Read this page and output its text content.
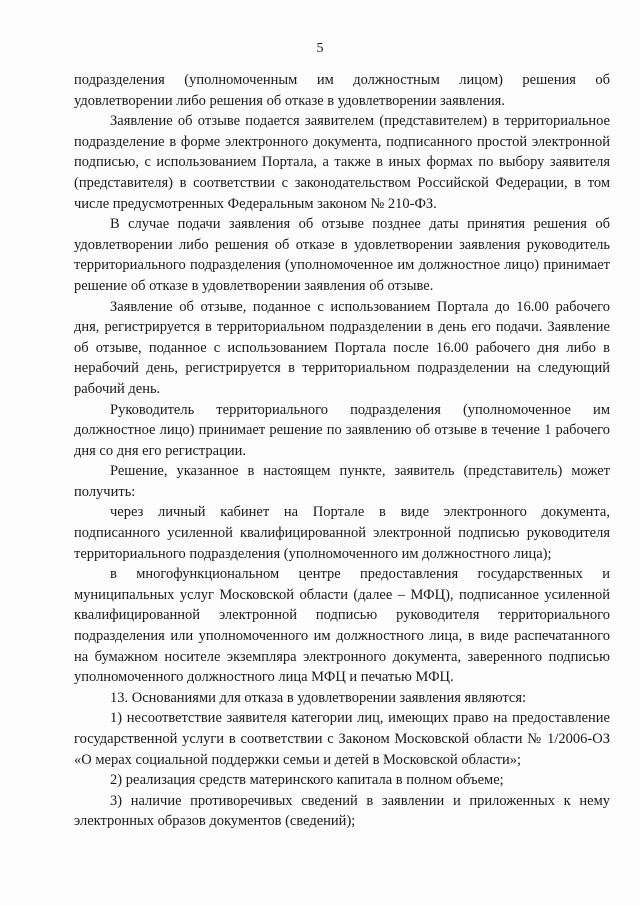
5

подразделения (уполномоченным им должностным лицом) решения об удовлетворении либо решения об отказе в удовлетворении заявления.

Заявление об отзыве подается заявителем (представителем) в территориальное подразделение в форме электронного документа, подписанного простой электронной подписью, с использованием Портала, а также в иных формах по выбору заявителя (представителя) в соответствии с законодательством Российской Федерации, в том числе предусмотренных Федеральным законом № 210-ФЗ.

В случае подачи заявления об отзыве позднее даты принятия решения об удовлетворении либо решения об отказе в удовлетворении заявления руководитель территориального подразделения (уполномоченное им должностное лицо) принимает решение об отказе в удовлетворении заявления об отзыве.

Заявление об отзыве, поданное с использованием Портала до 16.00 рабочего дня, регистрируется в территориальном подразделении в день его подачи. Заявление об отзыве, поданное с использованием Портала после 16.00 рабочего дня либо в нерабочий день, регистрируется в территориальном подразделении на следующий рабочий день.

Руководитель территориального подразделения (уполномоченное им должностное лицо) принимает решение по заявлению об отзыве в течение 1 рабочего дня со дня его регистрации.

Решение, указанное в настоящем пункте, заявитель (представитель) может получить:

через личный кабинет на Портале в виде электронного документа, подписанного усиленной квалифицированной электронной подписью руководителя территориального подразделения (уполномоченного им должностного лица);

в многофункциональном центре предоставления государственных и муниципальных услуг Московской области (далее – МФЦ), подписанное усиленной квалифицированной электронной подписью руководителя территориального подразделения или уполномоченного им должностного лица, в виде распечатанного на бумажном носителе экземпляра электронного документа, заверенного подписью уполномоченного должностного лица МФЦ и печатью МФЦ.

13. Основаниями для отказа в удовлетворении заявления являются:

1) несоответствие заявителя категории лиц, имеющих право на предоставление государственной услуги в соответствии с Законом Московской области № 1/2006-ОЗ «О мерах социальной поддержки семьи и детей в Московской области»;

2) реализация средств материнского капитала в полном объеме;

3) наличие противоречивых сведений в заявлении и приложенных к нему электронных образов документов (сведений);
